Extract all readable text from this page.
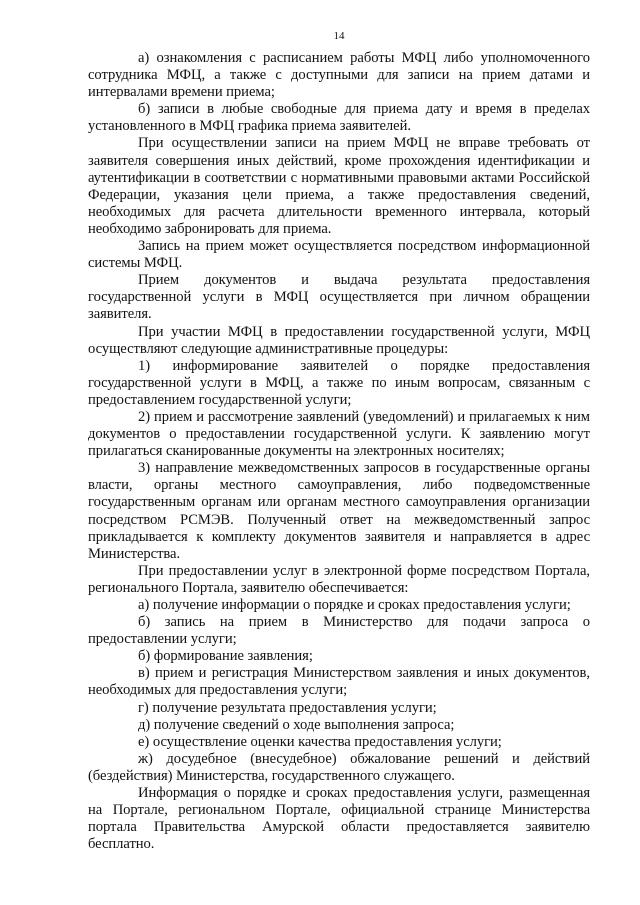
14

а) ознакомления с расписанием работы МФЦ либо уполномоченного сотрудника МФЦ, а также с доступными для записи на прием датами и интервалами времени приема;

б) записи в любые свободные для приема дату и время в пределах установленного в МФЦ графика приема заявителей.

При осуществлении записи на прием МФЦ не вправе требовать от заявителя совершения иных действий, кроме прохождения идентификации и аутентификации в соответствии с нормативными правовыми актами Российской Федерации, указания цели приема, а также предоставления сведений, необходимых для расчета длительности временного интервала, который необходимо забронировать для приема.

Запись на прием может осуществляется посредством информационной системы МФЦ.

Прием документов и выдача результата предоставления государственной услуги в МФЦ осуществляется при личном обращении заявителя.

При участии МФЦ в предоставлении государственной услуги, МФЦ осуществляют следующие административные процедуры:

1) информирование заявителей о порядке предоставления государственной услуги в МФЦ, а также по иным вопросам, связанным с предоставлением государственной услуги;

2) прием и рассмотрение заявлений (уведомлений) и прилагаемых к ним документов о предоставлении государственной услуги. К заявлению могут прилагаться сканированные документы на электронных носителях;

3) направление межведомственных запросов в государственные органы власти, органы местного самоуправления, либо подведомственные государственным органам или органам местного самоуправления организации посредством РСМЭВ. Полученный ответ на межведомственный запрос прикладывается к комплекту документов заявителя и направляется в адрес Министерства.

При предоставлении услуг в электронной форме посредством Портала, регионального Портала, заявителю обеспечивается:

а) получение информации о порядке и сроках предоставления услуги;

б) запись на прием в Министерство для подачи запроса о предоставлении услуги;

б) формирование заявления;

в) прием и регистрация Министерством заявления и иных документов, необходимых для предоставления услуги;

г) получение результата предоставления услуги;

д) получение сведений о ходе выполнения запроса;

е) осуществление оценки качества предоставления услуги;

ж) досудебное (внесудебное) обжалование решений и действий (бездействия) Министерства, государственного служащего.

Информация о порядке и сроках предоставления услуги, размещенная на Портале, региональном Портале, официальной странице Министерства портала Правительства Амурской области предоставляется заявителю бесплатно.
